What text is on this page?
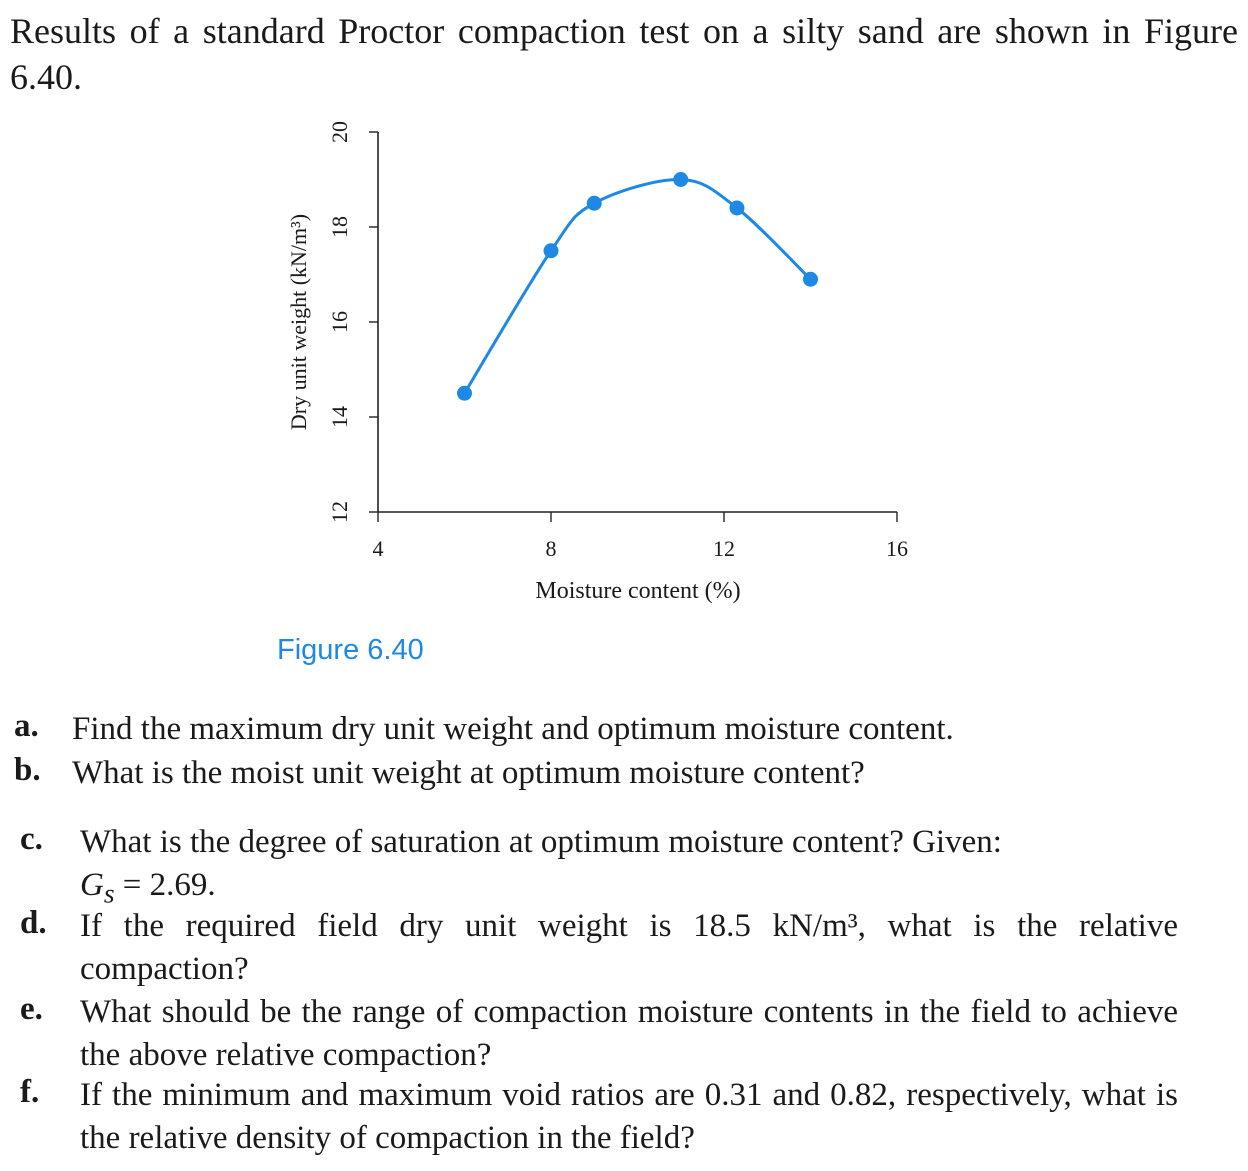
Results of a standard Proctor compaction test on a silty sand are shown in Figure 6.40.
12
14
16
18
20
4	8	12	16
Dry unit weight (kN/m³)
Moisture content (%)
Figure 6.40
a. Find the maximum dry unit weight and optimum moisture content.
b. What is the moist unit weight at optimum moisture content?
c. What is the degree of saturation at optimum moisture content? Given:
$G_s = 2.69$.
d. If the required field dry unit weight is 18.5 kN/m³, what is the relative compaction?
e. What should be the range of compaction moisture contents in the field to achieve the above relative compaction?
f. If the minimum and maximum void ratios are 0.31 and 0.82, respectively, what is the relative density of compaction in the field?
